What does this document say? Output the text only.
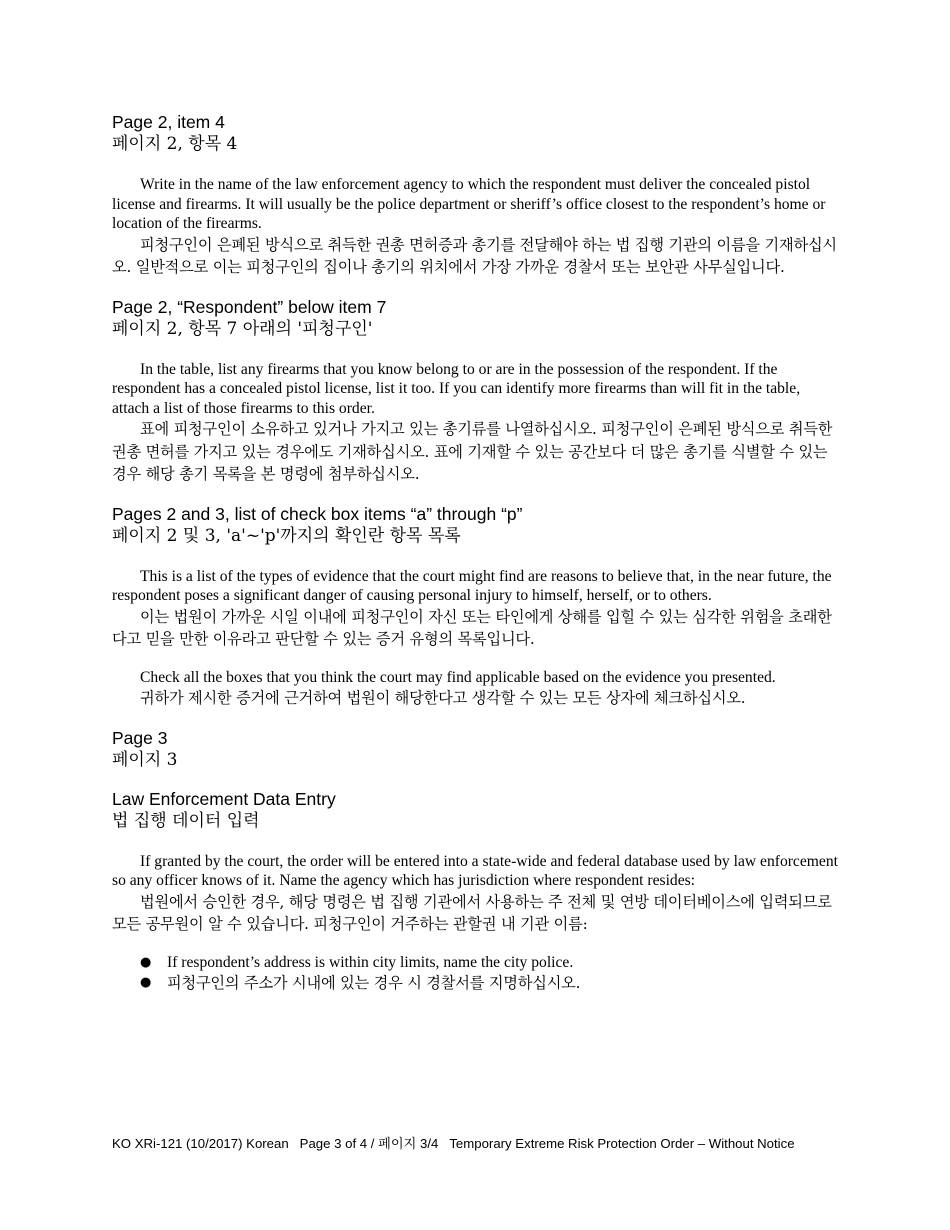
Page 2, item 4

페이지 2, 항목 4

Write in the name of the law enforcement agency to which the respondent must deliver the concealed pistol license and firearms. It will usually be the police department or sheriff’s office closest to the respondent’s home or location of the firearms.

피청구인이 은폐된 방식으로 취득한 권총 면허증과 총기를 전달해야 하는 법 집행 기관의 이름을 기재하십시오. 일반적으로 이는 피청구인의 집이나 총기의 위치에서 가장 가까운 경찰서 또는 보안관 사무실입니다.

Page 2, “Respondent” below item 7

페이지 2, 항목 7 아래의 '피청구인'

In the table, list any firearms that you know belong to or are in the possession of the respondent. If the respondent has a concealed pistol license, list it too. If you can identify more firearms than will fit in the table, attach a list of those firearms to this order.

표에 피청구인이 소유하고 있거나 가지고 있는 총기류를 나열하십시오. 피청구인이 은폐된 방식으로 취득한 권총 면허를 가지고 있는 경우에도 기재하십시오. 표에 기재할 수 있는 공간보다 더 많은 총기를 식별할 수 있는 경우 해당 총기 목록을 본 명령에 첨부하십시오.

Pages 2 and 3, list of check box items “a” through “p”

페이지 2 및 3, 'a'~'p'까지의 확인란 항목 목록

This is a list of the types of evidence that the court might find are reasons to believe that, in the near future, the respondent poses a significant danger of causing personal injury to himself, herself, or to others.

이는 법원이 가까운 시일 이내에 피청구인이 자신 또는 타인에게 상해를 입힐 수 있는 심각한 위험을 초래한다고 믿을 만한 이유라고 판단할 수 있는 증거 유형의 목록입니다.

Check all the boxes that you think the court may find applicable based on the evidence you presented.

귀하가 제시한 증거에 근거하여 법원이 해당한다고 생각할 수 있는 모든 상자에 체크하십시오.

Page 3

페이지 3

Law Enforcement Data Entry

법 집행 데이터 입력

If granted by the court, the order will be entered into a state-wide and federal database used by law enforcement so any officer knows of it. Name the agency which has jurisdiction where respondent resides:

법원에서 승인한 경우, 해당 명령은 법 집행 기관에서 사용하는 주 전체 및 연방 데이터베이스에 입력되므로 모든 공무원이 알 수 있습니다. 피청구인이 거주하는 관할권 내 기관 이름:

● If respondent’s address is within city limits, name the city police.
● 피청구인의 주소가 시내에 있는 경우 시 경찰서를 지명하십시오.
KO XRi-121 (10/2017) Korean Page 3 of 4 / 페이지 3/4 Temporary Extreme Risk Protection Order – Without Notice
